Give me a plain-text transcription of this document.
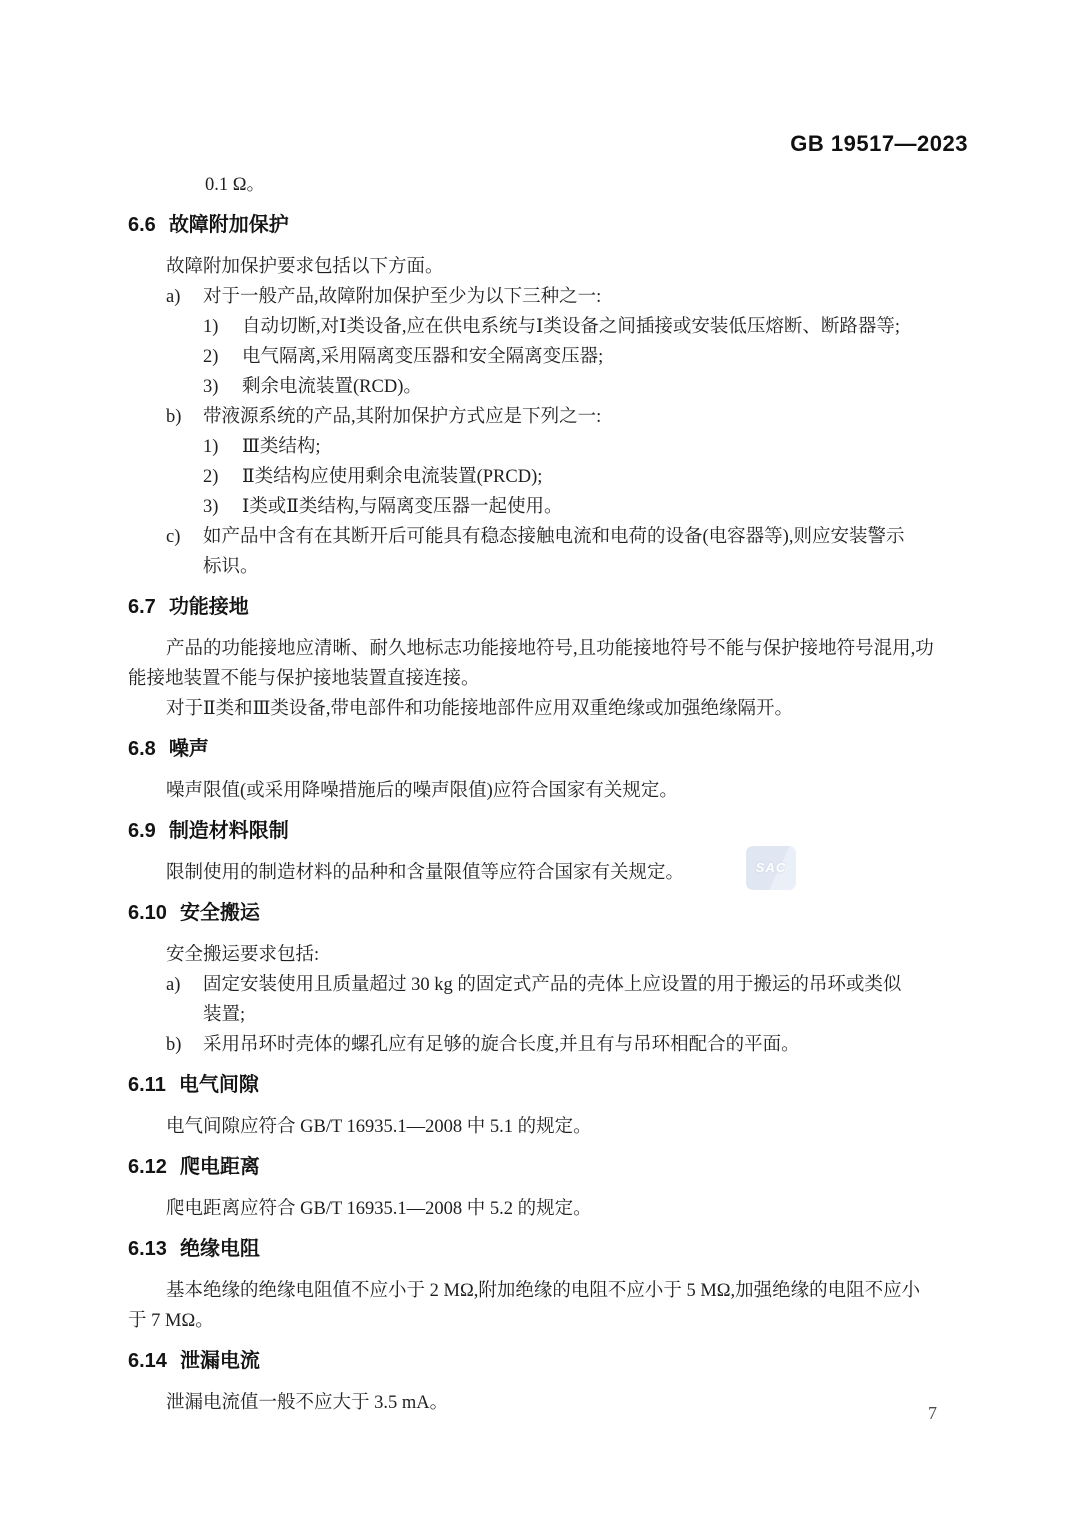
GB 19517—2023
0.1 Ω。
6.6 故障附加保护
故障附加保护要求包括以下方面。
a) 对于一般产品,故障附加保护至少为以下三种之一:
1) 自动切断,对Ⅰ类设备,应在供电系统与Ⅰ类设备之间插接或安装低压熔断、断路器等;
2) 电气隔离,采用隔离变压器和安全隔离变压器;
3) 剩余电流装置(RCD)。
b) 带液源系统的产品,其附加保护方式应是下列之一:
1) Ⅲ类结构;
2) Ⅱ类结构应使用剩余电流装置(PRCD);
3) Ⅰ类或Ⅱ类结构,与隔离变压器一起使用。
c) 如产品中含有在其断开后可能具有稳态接触电流和电荷的设备(电容器等),则应安装警示
标识。
6.7 功能接地
产品的功能接地应清晰、耐久地标志功能接地符号,且功能接地符号不能与保护接地符号混用,功
能接地装置不能与保护接地装置直接连接。
对于Ⅱ类和Ⅲ类设备,带电部件和功能接地部件应用双重绝缘或加强绝缘隔开。
6.8 噪声
噪声限值(或采用降噪措施后的噪声限值)应符合国家有关规定。
6.9 制造材料限制
限制使用的制造材料的品种和含量限值等应符合国家有关规定。
6.10 安全搬运
安全搬运要求包括:
a) 固定安装使用且质量超过 30 kg 的固定式产品的壳体上应设置的用于搬运的吊环或类似
装置;
b) 采用吊环时壳体的螺孔应有足够的旋合长度,并且有与吊环相配合的平面。
6.11 电气间隙
电气间隙应符合 GB/T 16935.1—2008 中 5.1 的规定。
6.12 爬电距离
爬电距离应符合 GB/T 16935.1—2008 中 5.2 的规定。
6.13 绝缘电阻
基本绝缘的绝缘电阻值不应小于 2 MΩ,附加绝缘的电阻不应小于 5 MΩ,加强绝缘的电阻不应小
于 7 MΩ。
6.14 泄漏电流
泄漏电流值一般不应大于 3.5 mA。
SAC
7
